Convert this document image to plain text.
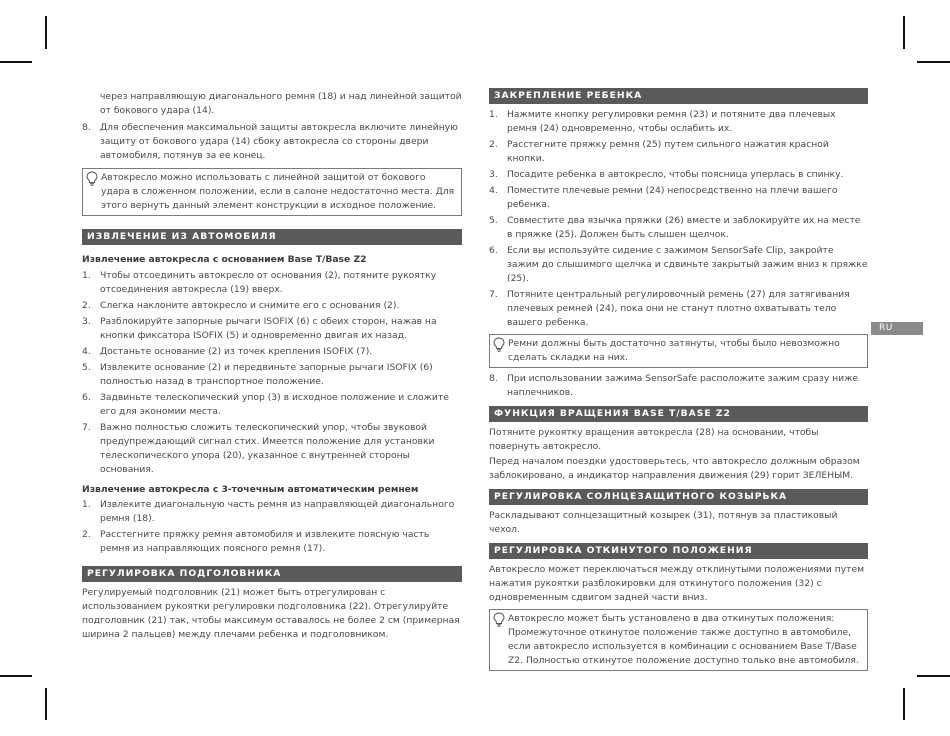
через направляющую диагонального ремня (18) и над линейной защитой от бокового удара (14).

8. Для обеспечения максимальной защиты автокресла включите линейную защиту от бокового удара (14) сбоку автокресла со стороны двери автомобиля, потянув за ее конец.

Автокресло можно использовать с линейной защитой от бокового удара в сложенном положении, если в салоне недостаточно места. Для этого вернуть данный элемент конструкции в исходное положение.
ИЗВЛЕЧЕНИЕ ИЗ АВТОМОБИЛЯ

Извлечение автокресла с основанием Base T/Base Z2

1. Чтобы отсоединить автокресло от основания (2), потяните рукоятку отсоединения автокресла (19) вверх.

2. Слегка наклоните автокресло и снимите его с основания (2).

3. Разблокируйте запорные рычаги ISOFIX (6) с обеих сторон, нажав на кнопки фиксатора ISOFIX (5) и одновременно двигая их назад.

4. Достаньте основание (2) из точек крепления ISOFIX (7).

5. Извлеките основание (2) и передвиньте запорные рычаги ISOFIX (6) полностью назад в транспортное положение.

6. Задвиньте телескопический упор (3) в исходное положение и сложите его для экономии места.

7. Важно полностью сложить телескопический упор, чтобы звуковой предупреждающий сигнал стих. Имеется положение для установки телескопического упора (20), указанное с внутренней стороны основания.

Извлечение автокресла с 3-точечным автоматическим ремнем

1. Извлеките диагональную часть ремня из направляющей диагонального ремня (18).

2. Расстегните пряжку ремня автомобиля и извлеките поясную часть ремня из направляющих поясного ремня (17).

РЕГУЛИРОВКА ПОДГОЛОВНИКА

Регулируемый подголовник (21) может быть отрегулирован с использованием рукоятки регулировки подголовника (22). Отрегулируйте подголовник (21) так, чтобы максимум оставалось не более 2 см (примерная ширина 2 пальцев) между плечами ребенка и подголовником.

ЗАКРЕПЛЕНИЕ РЕБЕНКА

1. Нажмите кнопку регулировки ремня (23) и потяните два плечевых ремня (24) одновременно, чтобы ослабить их.

2. Расстегните пряжку ремня (25) путем сильного нажатия красной кнопки.

3. Посадите ребенка в автокресло, чтобы поясница уперлась в спинку.

4. Поместите плечевые ремни (24) непосредственно на плечи вашего ребенка.

5. Совместите два язычка пряжки (26) вместе и заблокируйте их на месте в пряжке (25). Должен быть слышен щелчок.

6. Если вы используйте сидение с зажимом SensorSafe Clip, закройте зажим до слышимого щелчка и сдвиньте закрытый зажим вниз к пряжке (25).

7. Потяните центральный регулировочный ремень (27) для затягивания плечевых ремней (24), пока они не станут плотно охватывать тело вашего ребенка.

Ремни должны быть достаточно затянуты, чтобы было невозможно сделать складки на них.

8. При использовании зажима SensorSafe расположите зажим сразу ниже наплечников.

ФУНКЦИЯ ВРАЩЕНИЯ BASE T/BASE Z2

Потяните рукоятку вращения автокресла (28) на основании, чтобы повернуть автокресло.

Перед началом поездки удостоверьтесь, что автокресло должным образом заблокировано, а индикатор направления движения (29) горит ЗЕЛЕНЫМ.

РЕГУЛИРОВКА СОЛНЦЕЗАЩИТНОГО КОЗЫРЬКА

Раскладывают солнцезащитный козырек (31), потянув за пластиковый чехол.

РЕГУЛИРОВКА ОТКИНУТОГО ПОЛОЖЕНИЯ

Автокресло может переключаться между отклинутыми положениями путем нажатия рукоятки разблокировки для откинутого положения (32) с одновременным сдвигом задней части вниз.

Автокресло может быть установлено в два откинутых положения: Промежуточное откинутое положение также доступно в автомобиле, если автокресло используется в комбинации с основанием Base T/Base Z2. Полностью откинутое положение доступно только вне автомобиля.
RU
